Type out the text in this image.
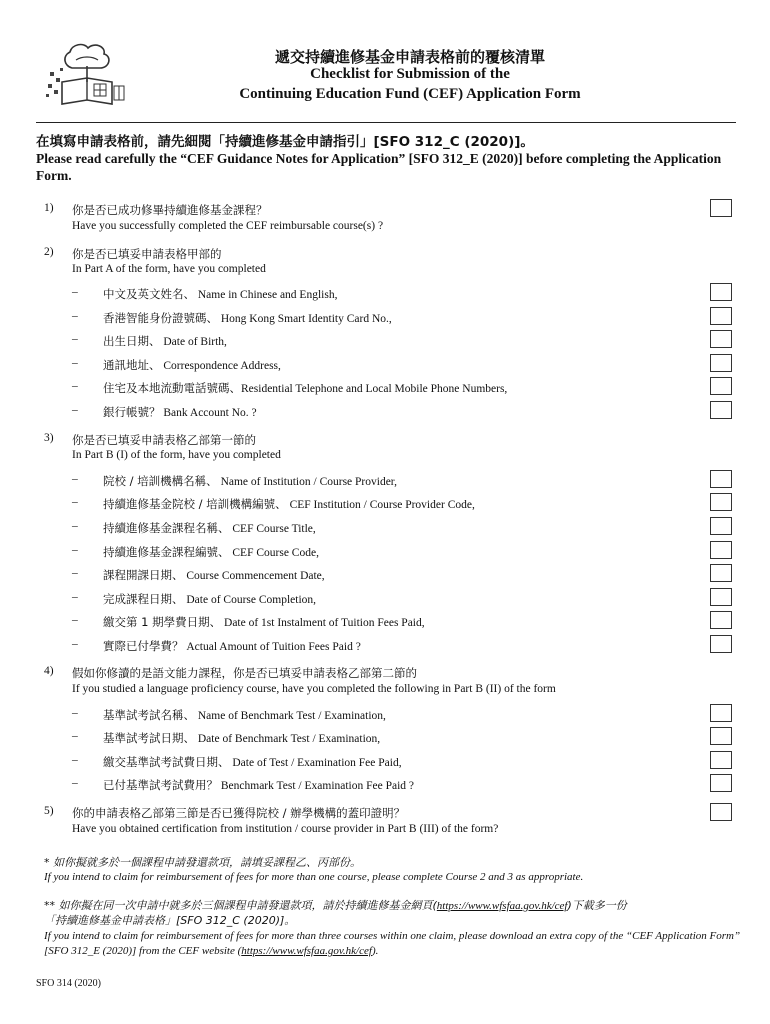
遞交持續進修基金申請表格前的覆核清單
Checklist for Submission of the
Continuing Education Fund (CEF) Application Form
在填寫申請表格前，請先細閱「持續進修基金申請指引」[SFO 312_C (2020)]。
Please read carefully the “CEF Guidance Notes for Application” [SFO 312_E (2020)] before completing the Application Form.
1) 你是否已成功修畢持續進修基金課程？
Have you successfully completed the CEF reimbursable course(s) ?
2) 你是否已填妥申請表格甲部的
In Part A of the form, have you completed
– 中文及英文姓名、 Name in Chinese and English,
– 香港智能身份證號碼、 Hong Kong Smart Identity Card No.,
– 出生日期、 Date of Birth,
– 通訊地址、 Correspondence Address,
– 住宅及本地流動電話號碼、Residential Telephone and Local Mobile Phone Numbers,
– 銀行帳號？ Bank Account No. ?
3) 你是否已填妥申請表格乙部第一節的
In Part B (I) of the form, have you completed
– 院校 / 培訓機構名稱、 Name of Institution / Course Provider,
– 持續進修基金院校 / 培訓機構編號、 CEF Institution / Course Provider Code,
– 持續進修基金課程名稱、 CEF Course Title,
– 持續進修基金課程編號、 CEF Course Code,
– 課程開課日期、 Course Commencement Date,
– 完成課程日期、 Date of Course Completion,
– 繳交第 1 期學費日期、 Date of 1st Instalment of Tuition Fees Paid,
– 實際已付學費？ Actual Amount of Tuition Fees Paid ?
4) 假如你修讀的是語文能力課程，你是否已填妥申請表格乙部第二節的
If you studied a language proficiency course, have you completed the following in Part B (II) of the form
– 基準試考試名稱、 Name of Benchmark Test / Examination,
– 基準試考試日期、 Date of Benchmark Test / Examination,
– 繳交基準試考試費日期、 Date of Test / Examination Fee Paid,
– 已付基準試考試費用？ Benchmark Test / Examination Fee Paid ?
5) 你的申請表格乙部第三節是否已獲得院校 / 辦學機構的蓋印證明？
Have you obtained certification from institution / course provider in Part B (III) of the form?
* 如你擬就多於一個課程申請發還款項，請填妥課程乙、丙部份。
If you intend to claim for reimbursement of fees for more than one course, please complete Course 2 and 3 as appropriate.
** 如你擬在同一次申請中就多於三個課程申請發還款項，請於持續進修基金網頁(https://www.wfsfaa.gov.hk/cef)下載多一份
「持續進修基金申請表格」[SFO 312_C (2020)]。
If you intend to claim for reimbursement of fees for more than three courses within one claim, please download an extra copy of the “CEF Application Form” [SFO 312_E (2020)] from the CEF website (https://www.wfsfaa.gov.hk/cef).
SFO 314 (2020)
